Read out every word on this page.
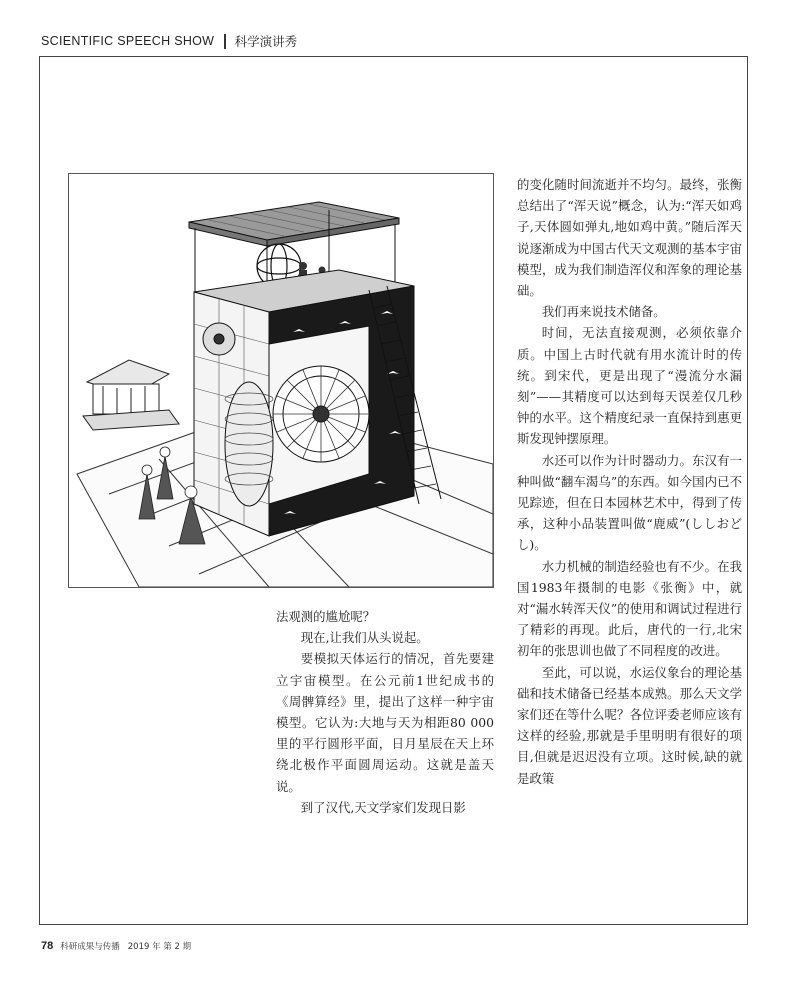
SCIENTIFIC SPEECH SHOW 科学演讲秀

法观测的尴尬呢？

现在,让我们从头说起。

要模拟天体运行的情况，首先要建立宇宙模型。在公元前1世纪成书的《周髀算经》里，提出了这样一种宇宙模型。它认为:大地与天为相距80 000里的平行圆形平面，日月星辰在天上环绕北极作平面圆周运动。这就是盖天说。

到了汉代,天文学家们发现日影

的变化随时间流逝并不均匀。最终，张衡总结出了“浑天说”概念，认为:“浑天如鸡子,天体圆如弹丸,地如鸡中黄。”随后浑天说逐渐成为中国古代天文观测的基本宇宙模型，成为我们制造浑仪和浑象的理论基础。

我们再来说技术储备。

时间，无法直接观测，必须依靠介质。中国上古时代就有用水流计时的传统。到宋代，更是出现了“漫流分水漏刻”——其精度可以达到每天误差仅几秒钟的水平。这个精度纪录一直保持到惠更斯发现钟摆原理。

水还可以作为计时器动力。东汉有一种叫做“翻车渴乌”的东西。如今国内已不见踪迹，但在日本园林艺术中，得到了传承，这种小品装置叫做“鹿威”(ししおどし)。

水力机械的制造经验也有不少。在我国1983年摄制的电影《张衡》中，就对“漏水转浑天仪”的使用和调试过程进行了精彩的再现。此后，唐代的一行,北宋初年的张思训也做了不同程度的改进。

至此，可以说，水运仪象台的理论基础和技术储备已经基本成熟。那么天文学家们还在等什么呢？各位评委老师应该有这样的经验,那就是手里明明有很好的项目,但就是迟迟没有立项。这时候,缺的就是政策

78 科研成果与传播 2019 年 第 2 期
